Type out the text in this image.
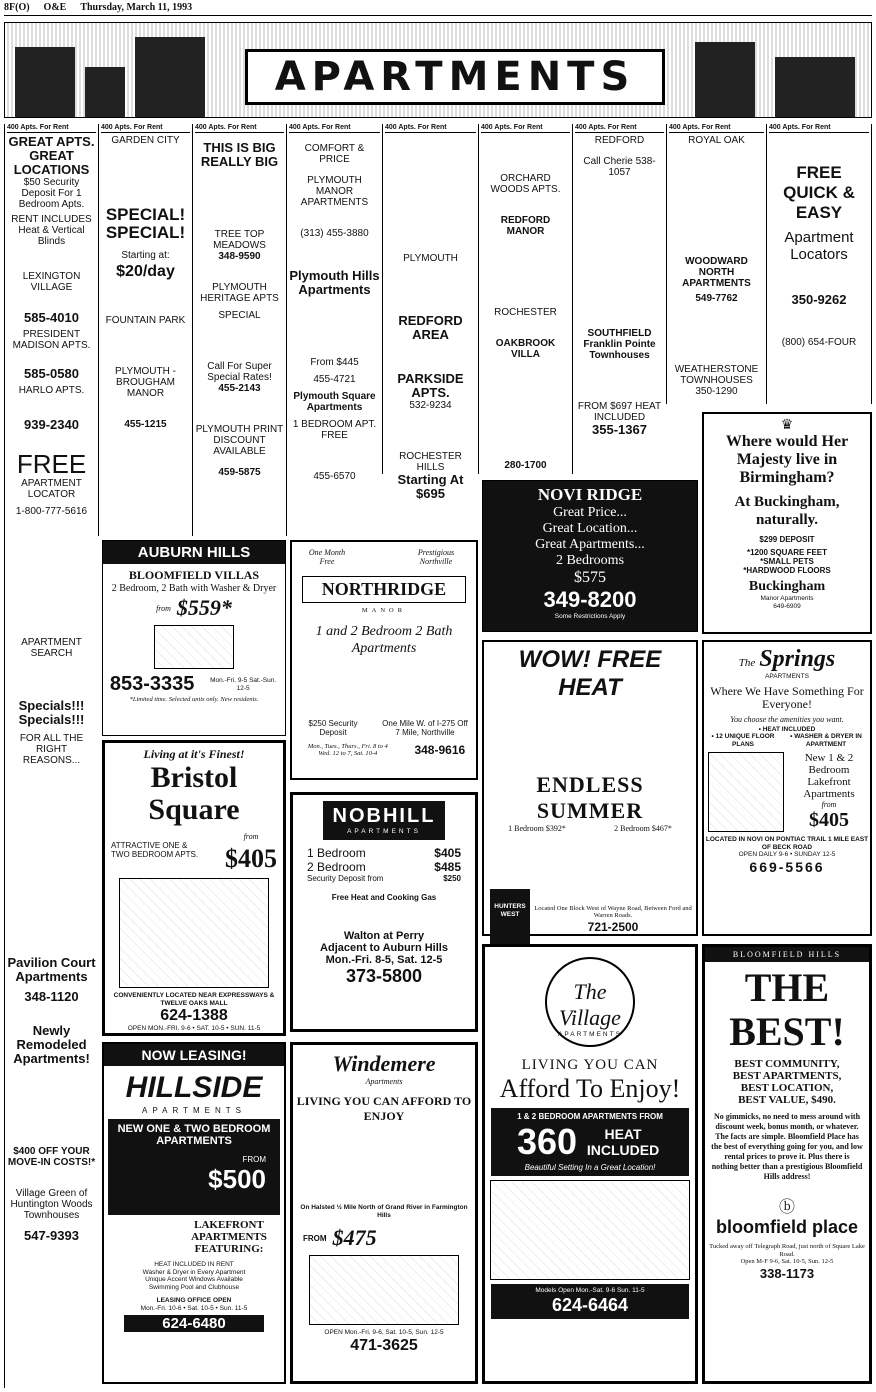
8F(O) O&E Thursday, March 11, 1993
APARTMENTS
400 Apts. For Rent
GREAT APTS. GREAT LOCATIONS
$50 Security Deposit For 1 Bedroom Apts.
RENT INCLUDES Heat & Vertical Blinds
LEXINGTON VILLAGE
585-4010
PRESIDENT MADISON APTS.
585-0580
HARLO APTS.
939-2340
FREE
APARTMENT LOCATOR
1-800-777-5616
APARTMENT SEARCH
Specials!!! Specials!!!
FOR ALL THE RIGHT REASONS...
Pavilion Court Apartments
348-1120
Newly Remodeled Apartments!
$400 OFF YOUR MOVE-IN COSTS!*
Village Green of Huntington Woods Townhouses
547-9393
400 Apts. For Rent
GARDEN CITY
SPECIAL! SPECIAL!
Starting at:
$20/day
FOUNTAIN PARK
PLYMOUTH - BROUGHAM MANOR
455-1215
400 Apts. For Rent
THIS IS BIG REALLY BIG
TREE TOP MEADOWS
348-9590
PLYMOUTH HERITAGE APTS
SPECIAL
Call For Super Special Rates!
455-2143
PLYMOUTH PRINT DISCOUNT AVAILABLE
459-5875
400 Apts. For Rent
COMFORT & PRICE
PLYMOUTH MANOR APARTMENTS
(313) 455-3880
Plymouth Hills Apartments
From $445
455-4721
Plymouth Square Apartments
1 BEDROOM APT. FREE
455-6570
400 Apts. For Rent
PLYMOUTH
REDFORD AREA
PARKSIDE APTS.
532-9234
ROCHESTER HILLS
Starting At $695
400 Apts. For Rent
ORCHARD WOODS APTS.
REDFORD MANOR
ROCHESTER
OAKBROOK VILLA
280-1700
400 Apts. For Rent
REDFORD
Call Cherie 538-1057
SOUTHFIELD Franklin Pointe Townhouses
FROM $697 HEAT INCLUDED
355-1367
400 Apts. For Rent
ROYAL OAK
WOODWARD NORTH APARTMENTS
549-7762
WEATHERSTONE TOWNHOUSES
350-1290
400 Apts. For Rent
FREE QUICK & EASY
Apartment Locators
350-9262
(800) 654-FOUR
AUBURN HILLS
BLOOMFIELD VILLAS
2 Bedroom, 2 Bath with Washer & Dryer
from $559*
853-3335 Mon.-Fri. 9-5 Sat.-Sun. 12-5
*Limited time. Selected units only. New residents.
Living at it's Finest!
Bristol Square
ATTRACTIVE ONE & TWO BEDROOM APTS.
from
$405
CONVENIENTLY LOCATED NEAR EXPRESSWAYS & TWELVE OAKS MALL
624-1388
OPEN MON.-FRI. 9-6 • SAT. 10-5 • SUN. 11-5
NOW LEASING!
HILLSIDE
APARTMENTS
NEW ONE & TWO BEDROOM APARTMENTS
FROM
$500
LAKEFRONT APARTMENTS FEATURING:
HEAT INCLUDED IN RENT
Washer & Dryer in Every Apartment
Unique Accent Windows Available
Swimming Pool and Clubhouse
LEASING OFFICE OPEN
Mon.-Fri. 10-6 • Sat. 10-5 • Sun. 11-5
624-6480
One Month Free
Prestigious Northville
NORTHRIDGE
MANOR
1 and 2 Bedroom 2 Bath Apartments
$250 Security Deposit
One Mile W. of I-275 Off 7 Mile, Northville
Mon., Tues., Thurs., Fri. 8 to 4 Wed. 12 to 7, Sat. 10-4	348-9616
NOBHILL
APARTMENTS
1 Bedroom	$405
2 Bedroom	$485
Security Deposit from	$250
Free Heat and Cooking Gas
Walton at Perry
Adjacent to Auburn Hills
Mon.-Fri. 8-5, Sat. 12-5
373-5800
Windemere
Apartments
LIVING YOU CAN AFFORD TO ENJOY
On Halsted ½ Mile North of Grand River in Farmington Hills
FROM $475
OPEN Mon.-Fri. 9-6, Sat. 10-5, Sun. 12-5
471-3625
NOVI RIDGE
Great Price...
Great Location...
Great Apartments...
2 Bedrooms
$575
349-8200
Some Restrictions Apply
WOW! FREE HEAT
ENDLESS SUMMER
1 Bedroom $392*	2 Bedroom $467*
HUNTERS WEST
Located One Block West of Wayne Road, Between Ford and Warren Roads.
721-2500
The Village
APARTMENTS
LIVING YOU CAN
Afford To Enjoy!
1 & 2 BEDROOM APARTMENTS FROM
360	HEAT INCLUDED
Beautiful Setting In a Great Location!
Models Open Mon.-Sat. 9-6 Sun. 11-5
624-6464
♛
Where would Her Majesty live in Birmingham?
At Buckingham, naturally.
$299 DEPOSIT
*1200 SQUARE FEET
*SMALL PETS
*HARDWOOD FLOORS
Buckingham
Manor Apartments
649-6909
The Springs
APARTMENTS
Where We Have Something For Everyone!
You choose the amenities you want.
• HEAT INCLUDED
• 12 UNIQUE FLOOR PLANS
• WASHER & DRYER IN APARTMENT
New 1 & 2 Bedroom Lakefront Apartments
from
$405
LOCATED IN NOVI ON PONTIAC TRAIL 1 MILE EAST OF BECK ROAD
OPEN DAILY 9-6 • SUNDAY 12-5
669-5566
BLOOMFIELD HILLS
THE BEST!
BEST COMMUNITY,
BEST APARTMENTS,
BEST LOCATION,
BEST VALUE, $490.
No gimmicks, no need to mess around with discount week, bonus month, or whatever. The facts are simple. Bloomfield Place has the best of everything going for you, and low rental prices to prove it. Plus there is nothing better than a prestigious Bloomfield Hills address!
ⓑ
bloomfield place
Tucked away off Telegraph Road, just north of Square Lake Road.
Open M-F 9-6, Sat. 10-5, Sun. 12-5
338-1173
